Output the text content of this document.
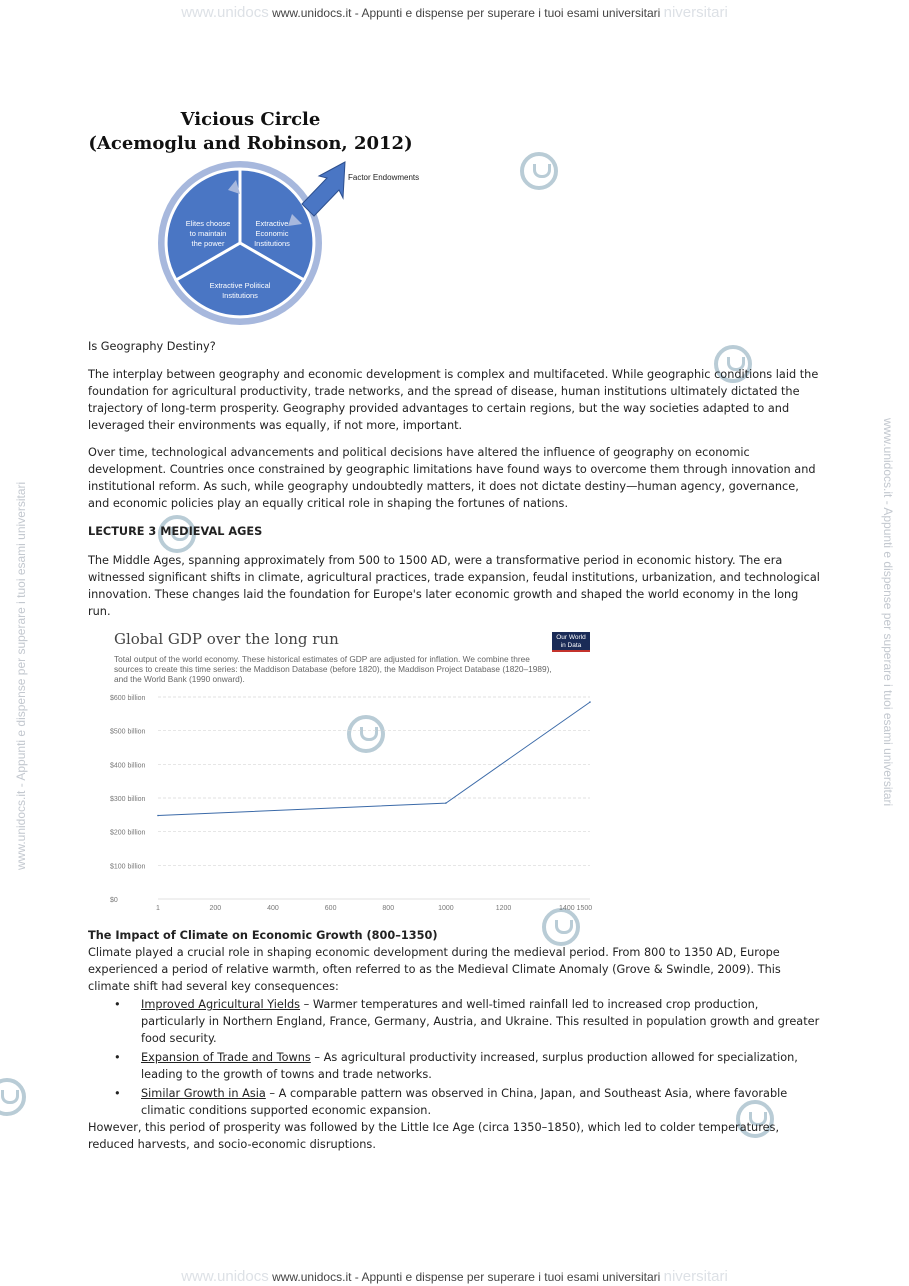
www.unidocs www.unidocs.it - Appunti e dispense per superare i tuoi esami universitari niversitari
www.unidocs www.unidocs.it - Appunti e dispense per superare i tuoi esami universitari niversitari
www.unidocs.it - Appunti e dispense per superare i tuoi esami universitari	www.unidocs.it - Appunti e dispense per superare i tuoi esami universitari
Vicious Circle
(Acemoglu and Robinson, 2012)
Factor Endowments
Elites choose
to maintain
the power
Extractive
Economic
Institutions
Extractive Political
Institutions

Is Geography Destiny?

The interplay between geography and economic development is complex and multifaceted. While geographic conditions laid the foundation for agricultural productivity, trade networks, and the spread of disease, human institutions ultimately dictated the trajectory of long-term prosperity. Geography provided advantages to certain regions, but the way societies adapted to and leveraged their environments was equally, if not more, important.

Over time, technological advancements and political decisions have altered the influence of geography on economic development. Countries once constrained by geographic limitations have found ways to overcome them through innovation and institutional reform. As such, while geography undoubtedly matters, it does not dictate destiny—human agency, governance, and economic policies play an equally critical role in shaping the fortunes of nations.

LECTURE 3 MEDIEVAL AGES

The Middle Ages, spanning approximately from 500 to 1500 AD, were a transformative period in economic history. The era witnessed significant shifts in climate, agricultural practices, trade expansion, feudal institutions, urbanization, and technological innovation. These changes laid the foundation for Europe's later economic growth and shaped the world economy in the long run.

$0
$100 billion
$200 billion
$300 billion
$400 billion
$500 billion
$600 billion
1	200	400	600	800	1000	1200	1400 1500

Global GDP over the long run

Total output of the world economy. These historical estimates of GDP are adjusted for inflation. We combine three sources to create this time series: the Maddison Database (before 1820), the Maddison Project Database (1820–1989), and the World Bank (1990 onward).

Our World
in Data

The Impact of Climate on Economic Growth (800–1350)

Climate played a crucial role in shaping economic development during the medieval period. From 800 to 1350 AD, Europe experienced a period of relative warmth, often referred to as the Medieval Climate Anomaly (Grove & Swindle, 2009). This climate shift had several key consequences:

• Improved Agricultural Yields – Warmer temperatures and well-timed rainfall led to increased crop production, particularly in Northern England, France, Germany, Austria, and Ukraine. This resulted in population growth and greater food security.
• Expansion of Trade and Towns – As agricultural productivity increased, surplus production allowed for specialization, leading to the growth of towns and trade networks.
• Similar Growth in Asia – A comparable pattern was observed in China, Japan, and Southeast Asia, where favorable climatic conditions supported economic expansion.

However, this period of prosperity was followed by the Little Ice Age (circa 1350–1850), which led to colder temperatures, reduced harvests, and socio-economic disruptions.
